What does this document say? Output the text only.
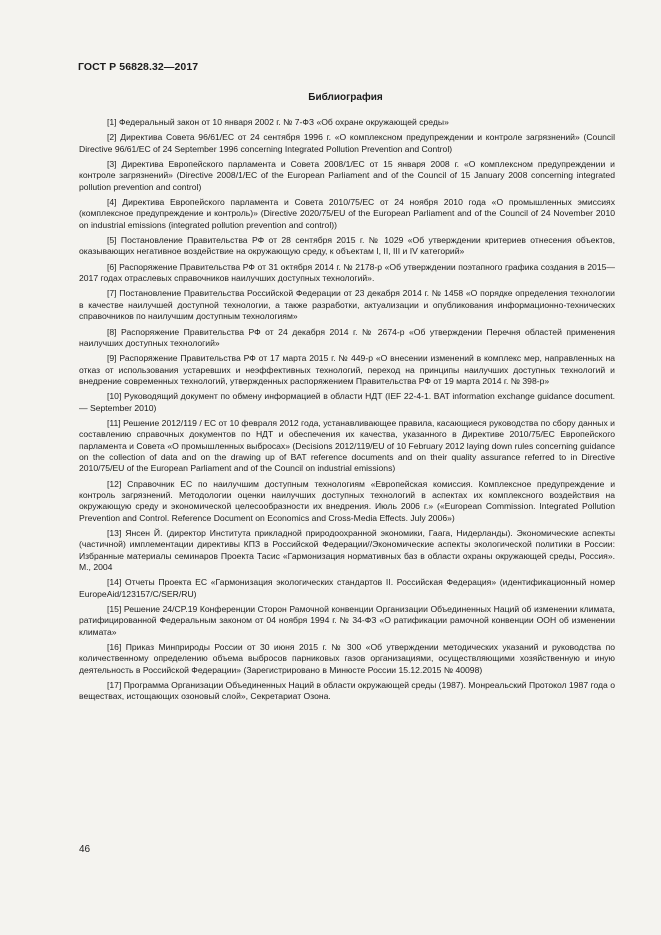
ГОСТ Р 56828.32—2017
Библиография

[1] Федеральный закон от 10 января 2002 г. № 7-ФЗ «Об охране окружающей среды»

[2] Директива Совета 96/61/ЕС от 24 сентября 1996 г. «О комплексном предупреждении и контроле загрязнений» (Council Directive 96/61/EC of 24 September 1996 concerning Integrated Pollution Prevention and Control)

[3] Директива Европейского парламента и Совета 2008/1/ЕС от 15 января 2008 г. «О комплексном предупреждении и контроле загрязнений» (Directive 2008/1/EC of the European Parliament and of the Council of 15 January 2008 concerning integrated pollution prevention and control)

[4] Директива Европейского парламента и Совета 2010/75/ЕС от 24 ноября 2010 года «О промышленных эмиссиях (комплексное предупреждение и контроль)» (Directive 2020/75/EU of the European Parliament and of the Council of 24 November 2010 on industrial emissions (integrated pollution prevention and control))

[5] Постановление Правительства РФ от 28 сентября 2015 г. № 1029 «Об утверждении критериев отнесения объектов, оказывающих негативное воздействие на окружающую среду, к объектам I, II, III и IV категорий»

[6] Распоряжение Правительства РФ от 31 октября 2014 г. № 2178-р «Об утверждении поэтапного графика создания в 2015—2017 годах отраслевых справочников наилучших доступных технологий».

[7] Постановление Правительства Российской Федерации от 23 декабря 2014 г. № 1458 «О порядке определения технологии в качестве наилучшей доступной технологии, а также разработки, актуализации и опубликования информационно-технических справочников по наилучшим доступным технологиям»

[8] Распоряжение Правительства РФ от 24 декабря 2014 г. № 2674-р «Об утверждении Перечня областей применения наилучших доступных технологий»

[9] Распоряжение Правительства РФ от 17 марта 2015 г. № 449-р «О внесении изменений в комплекс мер, направленных на отказ от использования устаревших и неэффективных технологий, переход на принципы наилучших доступных технологий и внедрение современных технологий, утвержденных распоряжением Правительства РФ от 19 марта 2014 г. № 398-р»

[10] Руководящий документ по обмену информацией в области НДТ (IEF 22-4-1. BAT information exchange guidance document. — September 2010)

[11] Решение 2012/119 / ЕС от 10 февраля 2012 года, устанавливающее правила, касающиеся руководства по сбору данных и составлению справочных документов по НДТ и обеспечения их качества, указанного в Директиве 2010/75/ЕС Европейского парламента и Совета «О промышленных выбросах» (Decisions 2012/119/EU of 10 February 2012 laying down rules concerning guidance on the collection of data and on the drawing up of BAT reference documents and on their quality assurance referred to in Directive 2010/75/EU of the European Parliament and of the Council on industrial emissions)

[12] Справочник ЕС по наилучшим доступным технологиям «Европейская комиссия. Комплексное предупреждение и контроль загрязнений. Методологии оценки наилучших доступных технологий в аспектах их комплексного воздействия на окружающую среду и экономической целесообразности их внедрения. Июль 2006 г.» («European Commission. Integrated Pollution Prevention and Control. Reference Document on Economics and Cross-Media Effects. July 2006»)

[13] Янсен Й. (директор Института прикладной природоохранной экономики, Гаага, Нидерланды). Экономические аспекты (частичной) имплементации директивы КПЗ в Российской Федерации//Экономические аспекты экологической политики в России: Избранные материалы семинаров Проекта Тасис «Гармонизация нормативных баз в области охраны окружающей среды, Россия». М., 2004

[14] Отчеты Проекта ЕС «Гармонизация экологических стандартов II. Российская Федерация» (идентификационный номер EuropeAid/123157/C/SER/RU)

[15] Решение 24/CP.19 Конференции Сторон Рамочной конвенции Организации Объединенных Наций об изменении климата, ратифицированной Федеральным законом от 04 ноября 1994 г. № 34-ФЗ «О ратификации рамочной конвенции ООН об изменении климата»

[16] Приказ Минприроды России от 30 июня 2015 г. № 300 «Об утверждении методических указаний и руководства по количественному определению объема выбросов парниковых газов организациями, осуществляющими хозяйственную и иную деятельность в Российской Федерации» (Зарегистрировано в Минюсте России 15.12.2015 № 40098)

[17] Программа Организации Объединенных Наций в области окружающей среды (1987). Монреальский Протокол 1987 года о веществах, истощающих озоновый слой», Секретариат Озона.

46
